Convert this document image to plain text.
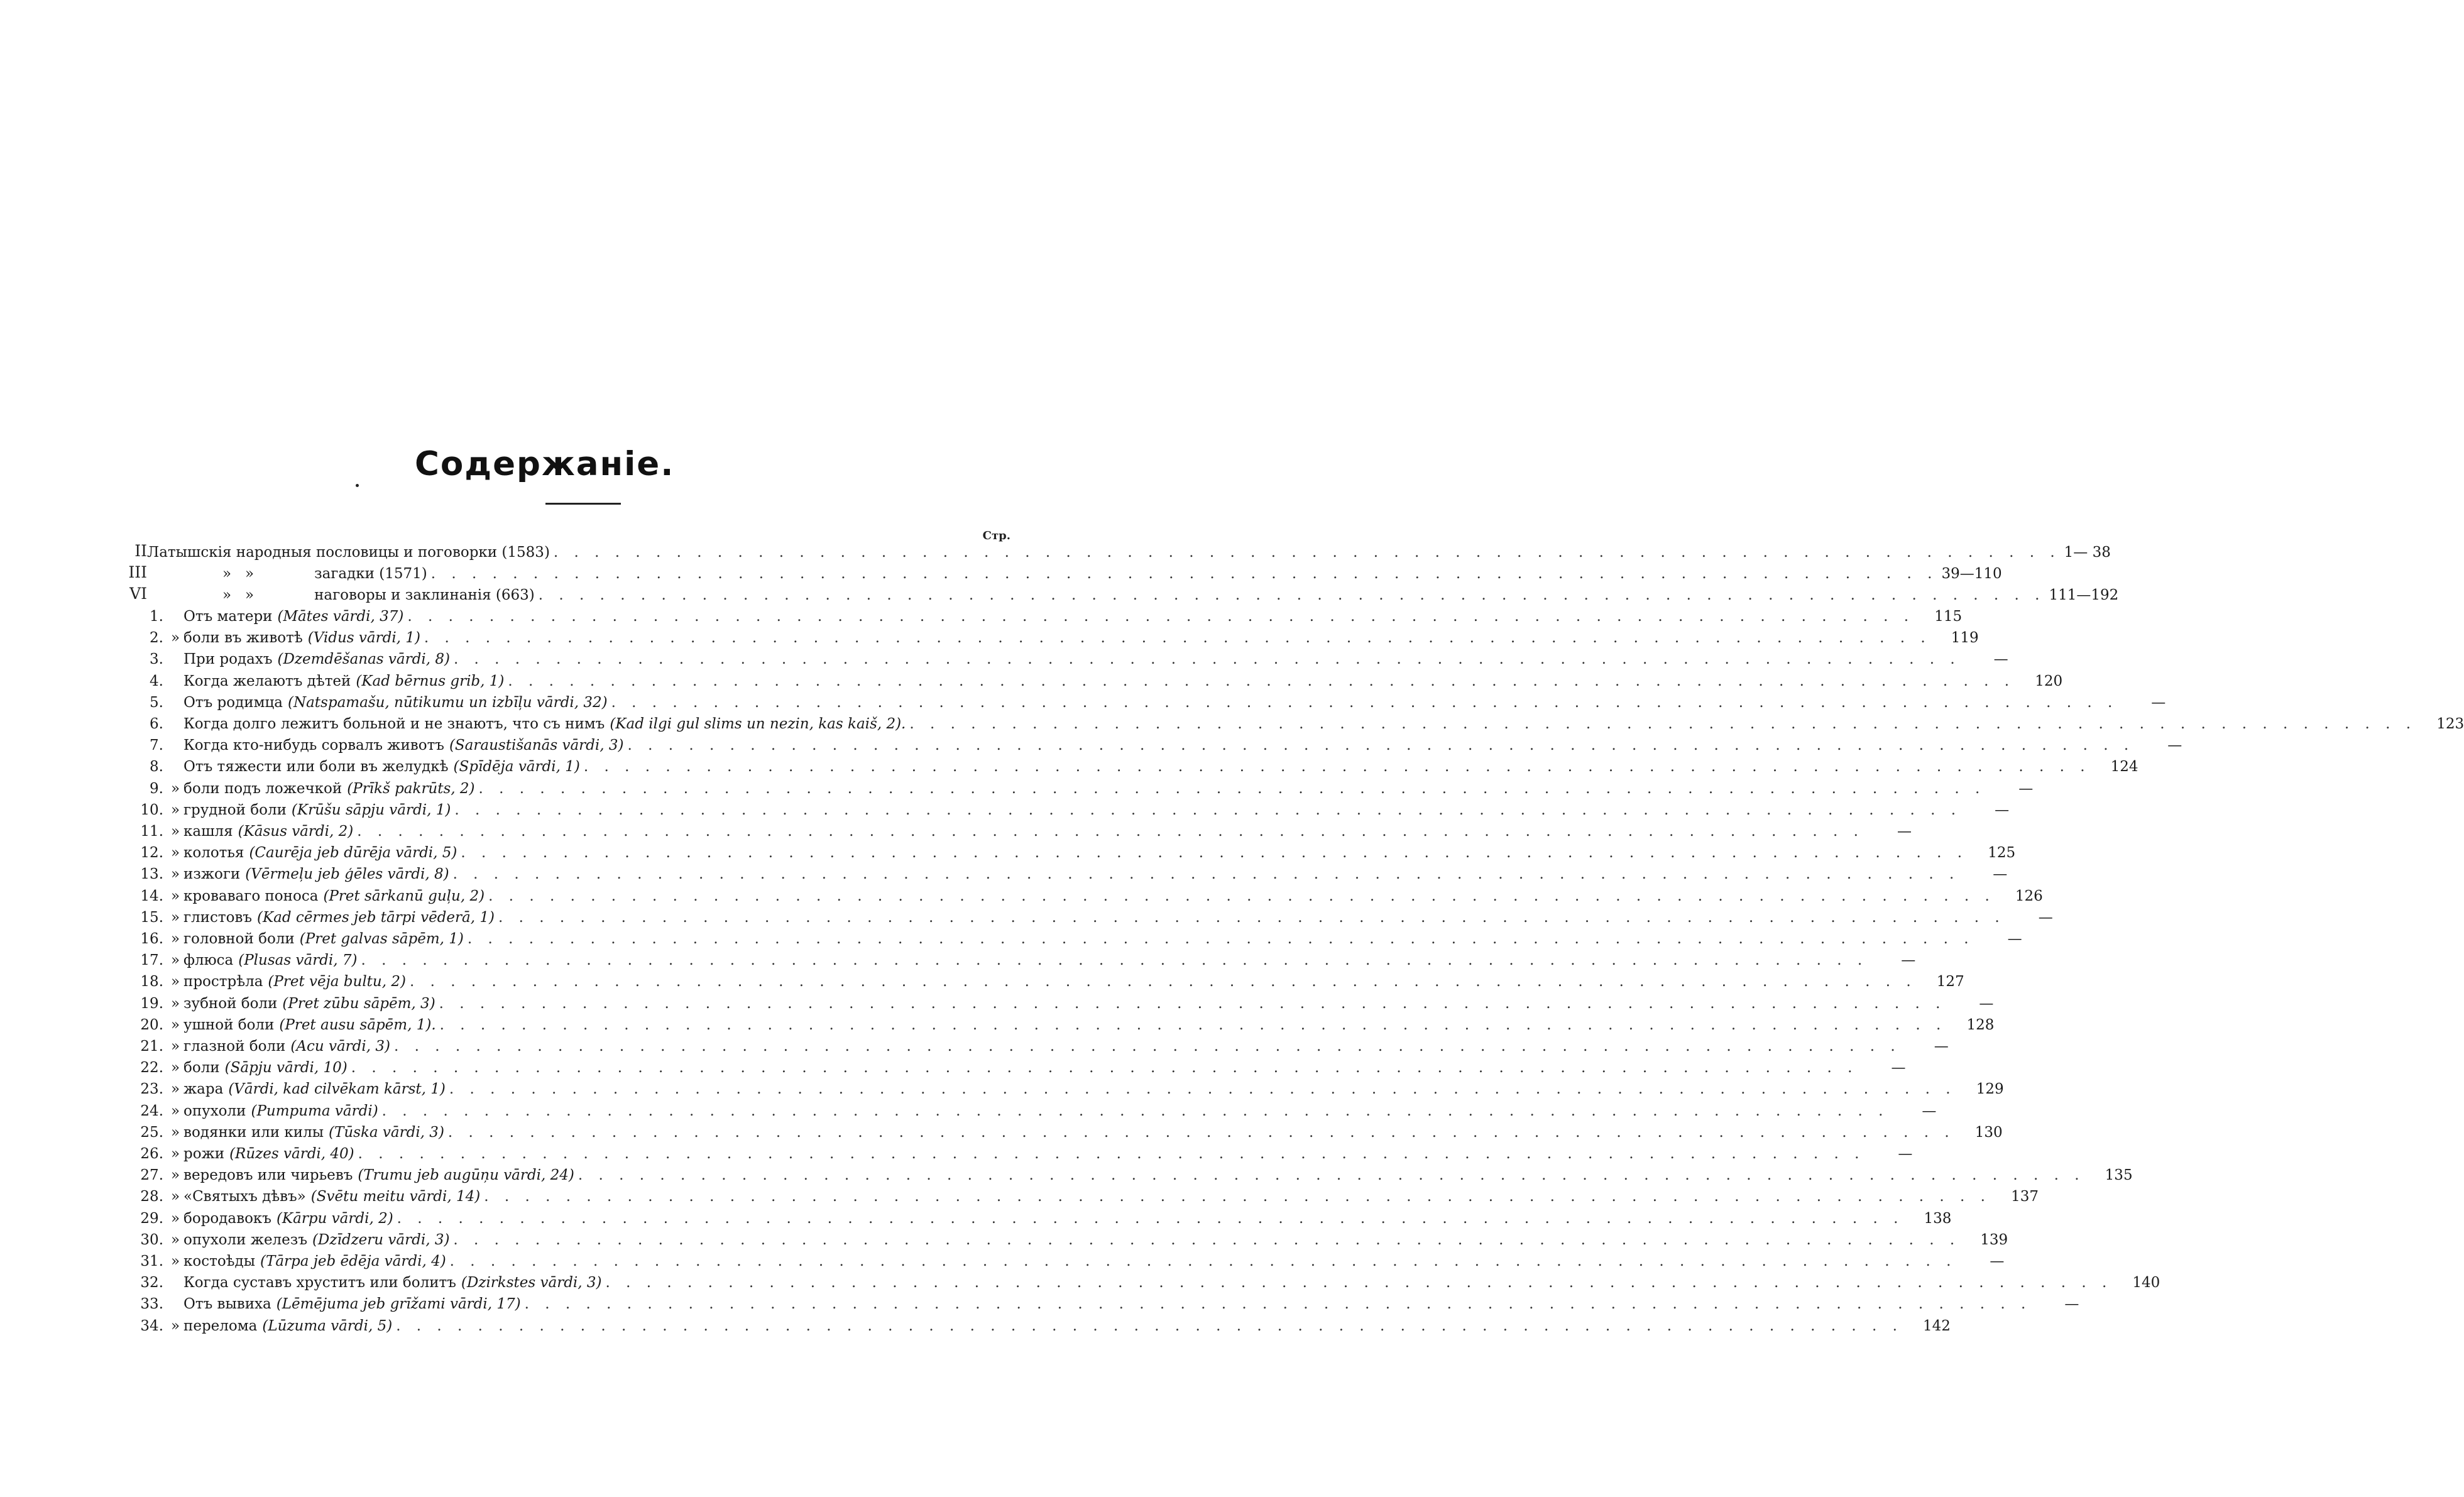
Содержаніе.
Стр.
II Латышскія народныя пословицы и поговорки (1583) . . . . . . . . . . . . . . . . . . . . . . . . . . . . . . . . . . . . . . . . . . . . . . . . . . . . . . . . . . . . . . . . . . . . . . . . . . 1— 38
III	»   »	загадки (1571) . . . . . . . . . . . . . . . . . . . . . . . . . . . . . . . . . . . . . . . . . . . . . . . . . . . . . . . . . . . . . . . . . . . . . . . . . . 39—110
VI	»   »	наговоры и заклинанія (663) . . . . . . . . . . . . . . . . . . . . . . . . . . . . . . . . . . . . . . . . . . . . . . . . . . . . . . . . . . . . . . . . . . . . . . . . . . 111—192
1.	Отъ матери (Mātes vārdi, 37) . . . . . . . . . . . . . . . . . . . . . . . . . . . . . . . . . . . . . . . . . . . . . . . . . . . . . . . . . . . . . . . . . . . . . . . . . .	115
2. » боли въ животѣ (Vidus vārdi, 1) . . . . . . . . . . . . . . . . . . . . . . . . . . . . . . . . . . . . . . . . . . . . . . . . . . . . . . . . . . . . . . . . . . . . . . . . . .	119
3.	При родахъ (Dzemdēšanas vārdi, 8) . . . . . . . . . . . . . . . . . . . . . . . . . . . . . . . . . . . . . . . . . . . . . . . . . . . . . . . . . . . . . . . . . . . . . . . . . .	—
4.	Когда желаютъ дѣтей (Kad bērnus grib, 1) . . . . . . . . . . . . . . . . . . . . . . . . . . . . . . . . . . . . . . . . . . . . . . . . . . . . . . . . . . . . . . . . . . . . . . . . . .	120
5.	Отъ родимца (Natspamašu, nūtikumu un izbīļu vārdi, 32) . . . . . . . . . . . . . . . . . . . . . . . . . . . . . . . . . . . . . . . . . . . . . . . . . . . . . . . . . . . . . . . . . . . . . . . . . .	—
6.	Когда долго лежитъ больной и не знаютъ, что съ нимъ (Kad ilgi gul slims un nezin, kas kaiš, 2). . . . . . . . . . . . . . . . . . . . . . . . . . . . . . . . . . . . . . . . . . . . . . . . . . . . . . . . . . . . . . . . . . . . . . . . . . .	123
7.	Когда кто-нибудь сорвалъ животъ (Saraustišanās vārdi, 3) . . . . . . . . . . . . . . . . . . . . . . . . . . . . . . . . . . . . . . . . . . . . . . . . . . . . . . . . . . . . . . . . . . . . . . . . . .	—
8.	Отъ тяжести или боли въ желудкѣ (Spīdēja vārdi, 1) . . . . . . . . . . . . . . . . . . . . . . . . . . . . . . . . . . . . . . . . . . . . . . . . . . . . . . . . . . . . . . . . . . . . . . . . . .	124
9. » боли подъ ложечкой (Prīkš pakrūts, 2) . . . . . . . . . . . . . . . . . . . . . . . . . . . . . . . . . . . . . . . . . . . . . . . . . . . . . . . . . . . . . . . . . . . . . . . . . .	—
10. » грудной боли (Krūšu sāpju vārdi, 1) . . . . . . . . . . . . . . . . . . . . . . . . . . . . . . . . . . . . . . . . . . . . . . . . . . . . . . . . . . . . . . . . . . . . . . . . . .	—
11. » кашля (Kāsus vārdi, 2) . . . . . . . . . . . . . . . . . . . . . . . . . . . . . . . . . . . . . . . . . . . . . . . . . . . . . . . . . . . . . . . . . . . . . . . . . .	—
12. » колотья (Caurēja jeb dūrēja vārdi, 5) . . . . . . . . . . . . . . . . . . . . . . . . . . . . . . . . . . . . . . . . . . . . . . . . . . . . . . . . . . . . . . . . . . . . . . . . . .	125
13. » изжоги (Vērmeļu jeb ģēles vārdi, 8) . . . . . . . . . . . . . . . . . . . . . . . . . . . . . . . . . . . . . . . . . . . . . . . . . . . . . . . . . . . . . . . . . . . . . . . . . .	—
14. » кроваваго поноса (Pret sārkanū guļu, 2) . . . . . . . . . . . . . . . . . . . . . . . . . . . . . . . . . . . . . . . . . . . . . . . . . . . . . . . . . . . . . . . . . . . . . . . . . .	126
15. » глистовъ (Kad cērmes jeb tārpi vēderā, 1) . . . . . . . . . . . . . . . . . . . . . . . . . . . . . . . . . . . . . . . . . . . . . . . . . . . . . . . . . . . . . . . . . . . . . . . . . .	—
16. » головной боли (Pret galvas sāpēm, 1) . . . . . . . . . . . . . . . . . . . . . . . . . . . . . . . . . . . . . . . . . . . . . . . . . . . . . . . . . . . . . . . . . . . . . . . . . .	—
17. » флюса (Plusas vārdi, 7) . . . . . . . . . . . . . . . . . . . . . . . . . . . . . . . . . . . . . . . . . . . . . . . . . . . . . . . . . . . . . . . . . . . . . . . . . .	—
18. » прострѣла (Pret vēja bultu, 2) . . . . . . . . . . . . . . . . . . . . . . . . . . . . . . . . . . . . . . . . . . . . . . . . . . . . . . . . . . . . . . . . . . . . . . . . . .	127
19. » зубной боли (Pret zūbu sāpēm, 3) . . . . . . . . . . . . . . . . . . . . . . . . . . . . . . . . . . . . . . . . . . . . . . . . . . . . . . . . . . . . . . . . . . . . . . . . . .	—
20. » ушной боли (Pret ausu sāpēm, 1). . . . . . . . . . . . . . . . . . . . . . . . . . . . . . . . . . . . . . . . . . . . . . . . . . . . . . . . . . . . . . . . . . . . . . . . . . .	128
21. » глазной боли (Acu vārdi, 3) . . . . . . . . . . . . . . . . . . . . . . . . . . . . . . . . . . . . . . . . . . . . . . . . . . . . . . . . . . . . . . . . . . . . . . . . . .	—
22. » боли (Sāpju vārdi, 10) . . . . . . . . . . . . . . . . . . . . . . . . . . . . . . . . . . . . . . . . . . . . . . . . . . . . . . . . . . . . . . . . . . . . . . . . . .	—
23. » жара (Vārdi, kad cilvēkam kārst, 1) . . . . . . . . . . . . . . . . . . . . . . . . . . . . . . . . . . . . . . . . . . . . . . . . . . . . . . . . . . . . . . . . . . . . . . . . . .	129
24. » опухоли (Pumpuma vārdi) . . . . . . . . . . . . . . . . . . . . . . . . . . . . . . . . . . . . . . . . . . . . . . . . . . . . . . . . . . . . . . . . . . . . . . . . . .	—
25. » водянки или килы (Tūska vārdi, 3) . . . . . . . . . . . . . . . . . . . . . . . . . . . . . . . . . . . . . . . . . . . . . . . . . . . . . . . . . . . . . . . . . . . . . . . . . .	130
26. » рожи (Rūzes vārdi, 40) . . . . . . . . . . . . . . . . . . . . . . . . . . . . . . . . . . . . . . . . . . . . . . . . . . . . . . . . . . . . . . . . . . . . . . . . . .	—
27. » вередовъ или чирьевъ (Trumu jeb augūņu vārdi, 24) . . . . . . . . . . . . . . . . . . . . . . . . . . . . . . . . . . . . . . . . . . . . . . . . . . . . . . . . . . . . . . . . . . . . . . . . . .	135
28. » «Святыхъ дѣвъ» (Svētu meitu vārdi, 14) . . . . . . . . . . . . . . . . . . . . . . . . . . . . . . . . . . . . . . . . . . . . . . . . . . . . . . . . . . . . . . . . . . . . . . . . . .	137
29. » бородавокъ (Kārpu vārdi, 2) . . . . . . . . . . . . . . . . . . . . . . . . . . . . . . . . . . . . . . . . . . . . . . . . . . . . . . . . . . . . . . . . . . . . . . . . . .	138
30. » опухоли железъ (Dzīdzeru vārdi, 3) . . . . . . . . . . . . . . . . . . . . . . . . . . . . . . . . . . . . . . . . . . . . . . . . . . . . . . . . . . . . . . . . . . . . . . . . . .	139
31. » костоѣды (Tārpa jeb ēdēja vārdi, 4) . . . . . . . . . . . . . . . . . . . . . . . . . . . . . . . . . . . . . . . . . . . . . . . . . . . . . . . . . . . . . . . . . . . . . . . . . .	—
32.	Когда суставъ хруститъ или болитъ (Dzirkstes vārdi, 3) . . . . . . . . . . . . . . . . . . . . . . . . . . . . . . . . . . . . . . . . . . . . . . . . . . . . . . . . . . . . . . . . . . . . . . . . . .	140
33.	Отъ вывиха (Lēmējuma jeb grīžami vārdi, 17) . . . . . . . . . . . . . . . . . . . . . . . . . . . . . . . . . . . . . . . . . . . . . . . . . . . . . . . . . . . . . . . . . . . . . . . . . .	—
34. » перелома (Lūzuma vārdi, 5) . . . . . . . . . . . . . . . . . . . . . . . . . . . . . . . . . . . . . . . . . . . . . . . . . . . . . . . . . . . . . . . . . . . . . . . . . .	142
